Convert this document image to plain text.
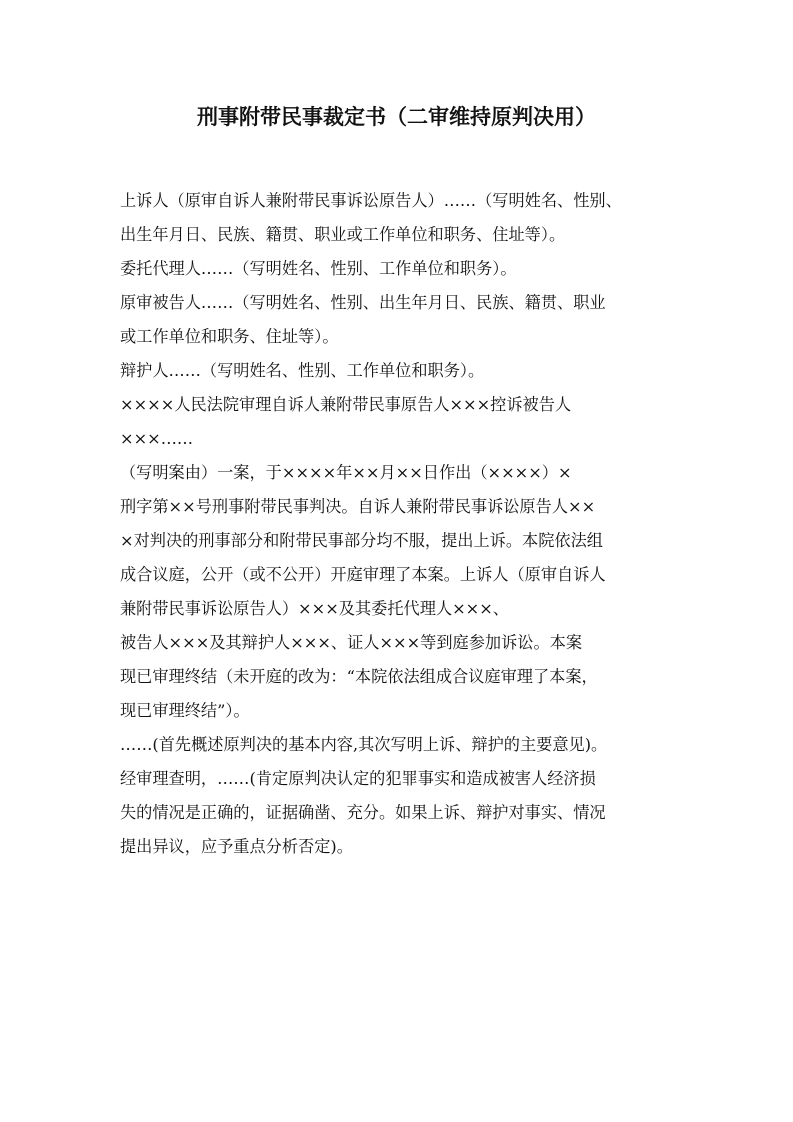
刑事附带民事裁定书（二审维持原判决用）
上诉人（原审自诉人兼附带民事诉讼原告人）……（写明姓名、性别、
出生年月日、民族、籍贯、职业或工作单位和职务、住址等）。
委托代理人……（写明姓名、性别、工作单位和职务）。
原审被告人……（写明姓名、性别、出生年月日、民族、籍贯、职业
或工作单位和职务、住址等）。
辩护人……（写明姓名、性别、工作单位和职务）。
××××人民法院审理自诉人兼附带民事原告人×××控诉被告人
×××……
（写明案由）一案，于××××年××月××日作出（××××）×
刑字第××号刑事附带民事判决。自诉人兼附带民事诉讼原告人××
×对判决的刑事部分和附带民事部分均不服，提出上诉。本院依法组
成合议庭，公开（或不公开）开庭审理了本案。上诉人（原审自诉人
兼附带民事诉讼原告人）×××及其委托代理人×××、
被告人×××及其辩护人×××、证人×××等到庭参加诉讼。本案
现已审理终结（未开庭的改为：“本院依法组成合议庭审理了本案，
现已审理终结”）。
……(首先概述原判决的基本内容,其次写明上诉、辩护的主要意见)。
经审理查明，……(肯定原判决认定的犯罪事实和造成被害人经济损
失的情况是正确的，证据确凿、充分。如果上诉、辩护对事实、情况
提出异议，应予重点分析否定)。
